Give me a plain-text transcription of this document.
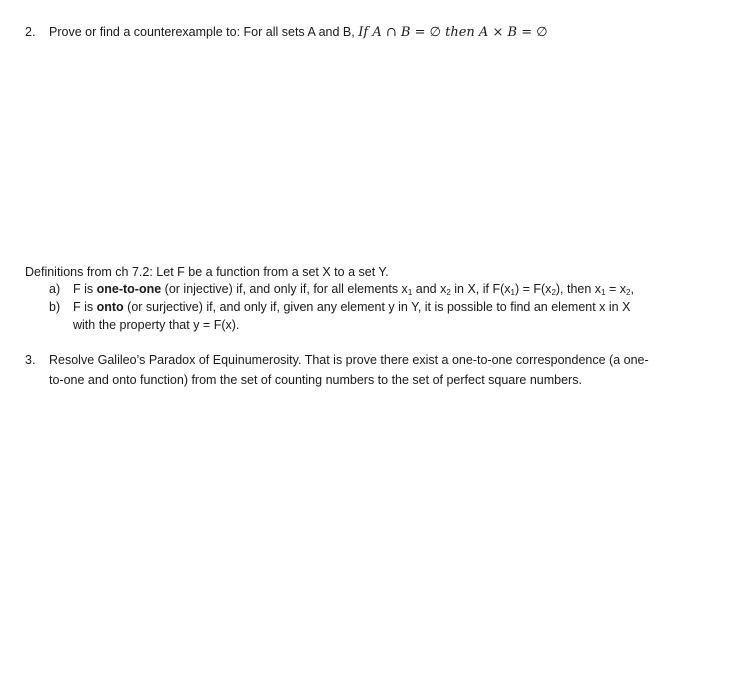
2. Prove or find a counterexample to: For all sets A and B, If A ∩ B = ∅ then A × B = ∅
Definitions from ch 7.2: Let F be a function from a set X to a set Y.
a) F is one-to-one (or injective) if, and only if, for all elements $x_1$ and $x_2$ in X, if $F(x_1) = F(x_2)$, then $x_1 = x_2$,
b) F is onto (or surjective) if, and only if, given any element y in Y, it is possible to find an element x in X
with the property that y = F(x).
3. Resolve Galileo’s Paradox of Equinumerosity. That is prove there exist a one-to-one correspondence (a one-
to-one and onto function) from the set of counting numbers to the set of perfect square numbers.
